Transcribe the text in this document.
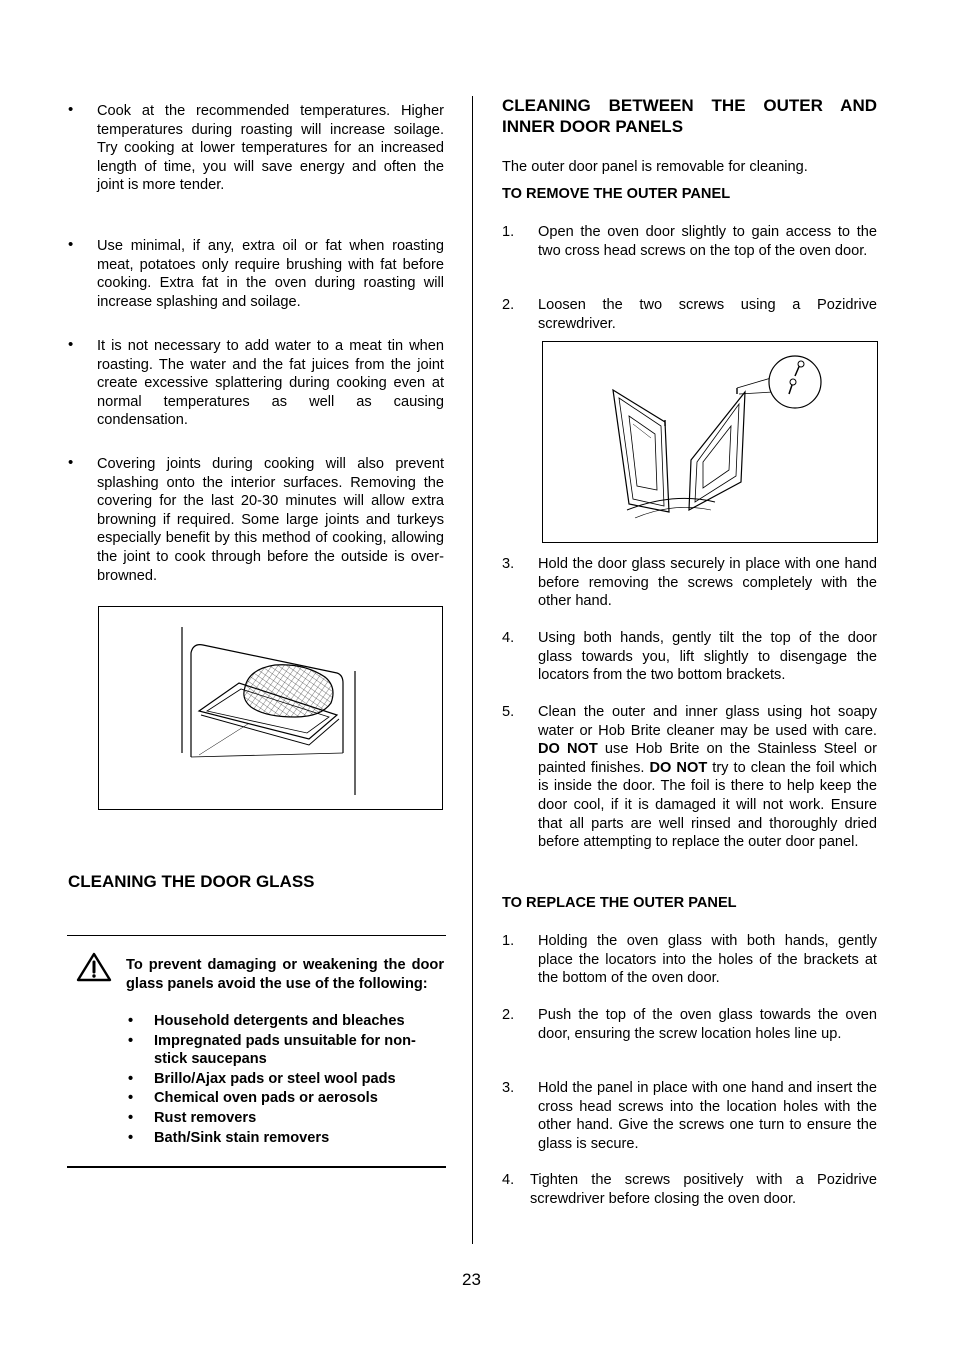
• Cook at the recommended temperatures. Higher temperatures during roasting will increase soilage. Try cooking at lower temperatures for an increased length of time, you will save energy and often the joint is more tender.
• Use minimal, if any, extra oil or fat when roasting meat, potatoes only require brushing with fat before cooking. Extra fat in the oven during roasting will increase splashing and soilage.
• It is not necessary to add water to a meat tin when roasting. The water and the fat juices from the joint create excessive splattering during cooking even at normal temperatures as well as causing condensation.
• Covering joints during cooking will also prevent splashing onto the interior surfaces. Removing the covering for the last 20-30 minutes will allow extra browning if required. Some large joints and turkeys especially benefit by this method of cooking, allowing the joint to cook through before the outside is over-browned.
CLEANING THE DOOR GLASS
To prevent damaging or weakening the door glass panels avoid the use of the following:
• Household detergents and bleaches
• Impregnated pads unsuitable for non-stick saucepans
• Brillo/Ajax pads or steel wool pads
• Chemical oven pads or aerosols
• Rust removers
• Bath/Sink stain removers
CLEANING BETWEEN THE OUTER AND INNER DOOR PANELS
The outer door panel is removable for cleaning.
TO REMOVE THE OUTER PANEL
1. Open the oven door slightly to gain access to the two cross head screws on the top of the oven door.
2. Loosen the two screws using a Pozidrive screwdriver.
3. Hold the door glass securely in place with one hand before removing the screws completely with the other hand.
4. Using both hands, gently tilt the top of the door glass towards you, lift slightly to disengage the locators from the two bottom brackets.
5. Clean the outer and inner glass using hot soapy water or Hob Brite cleaner may be used with care. DO NOT use Hob Brite on the Stainless Steel or painted finishes. DO NOT try to clean the foil which is inside the door. The foil is there to help keep the door cool, if it is damaged it will not work. Ensure that all parts are well rinsed and thoroughly dried before attempting to replace the outer door panel.
TO REPLACE THE OUTER PANEL
1. Holding the oven glass with both hands, gently place the locators into the holes of the brackets at the bottom of the oven door.
2. Push the top of the oven glass towards the oven door, ensuring the screw location holes line up.
3. Hold the panel in place with one hand and insert the cross head screws into the location holes with the other hand. Give the screws one turn to ensure the glass is secure.
4. Tighten the screws positively with a Pozidrive screwdriver before closing the oven door.
23
